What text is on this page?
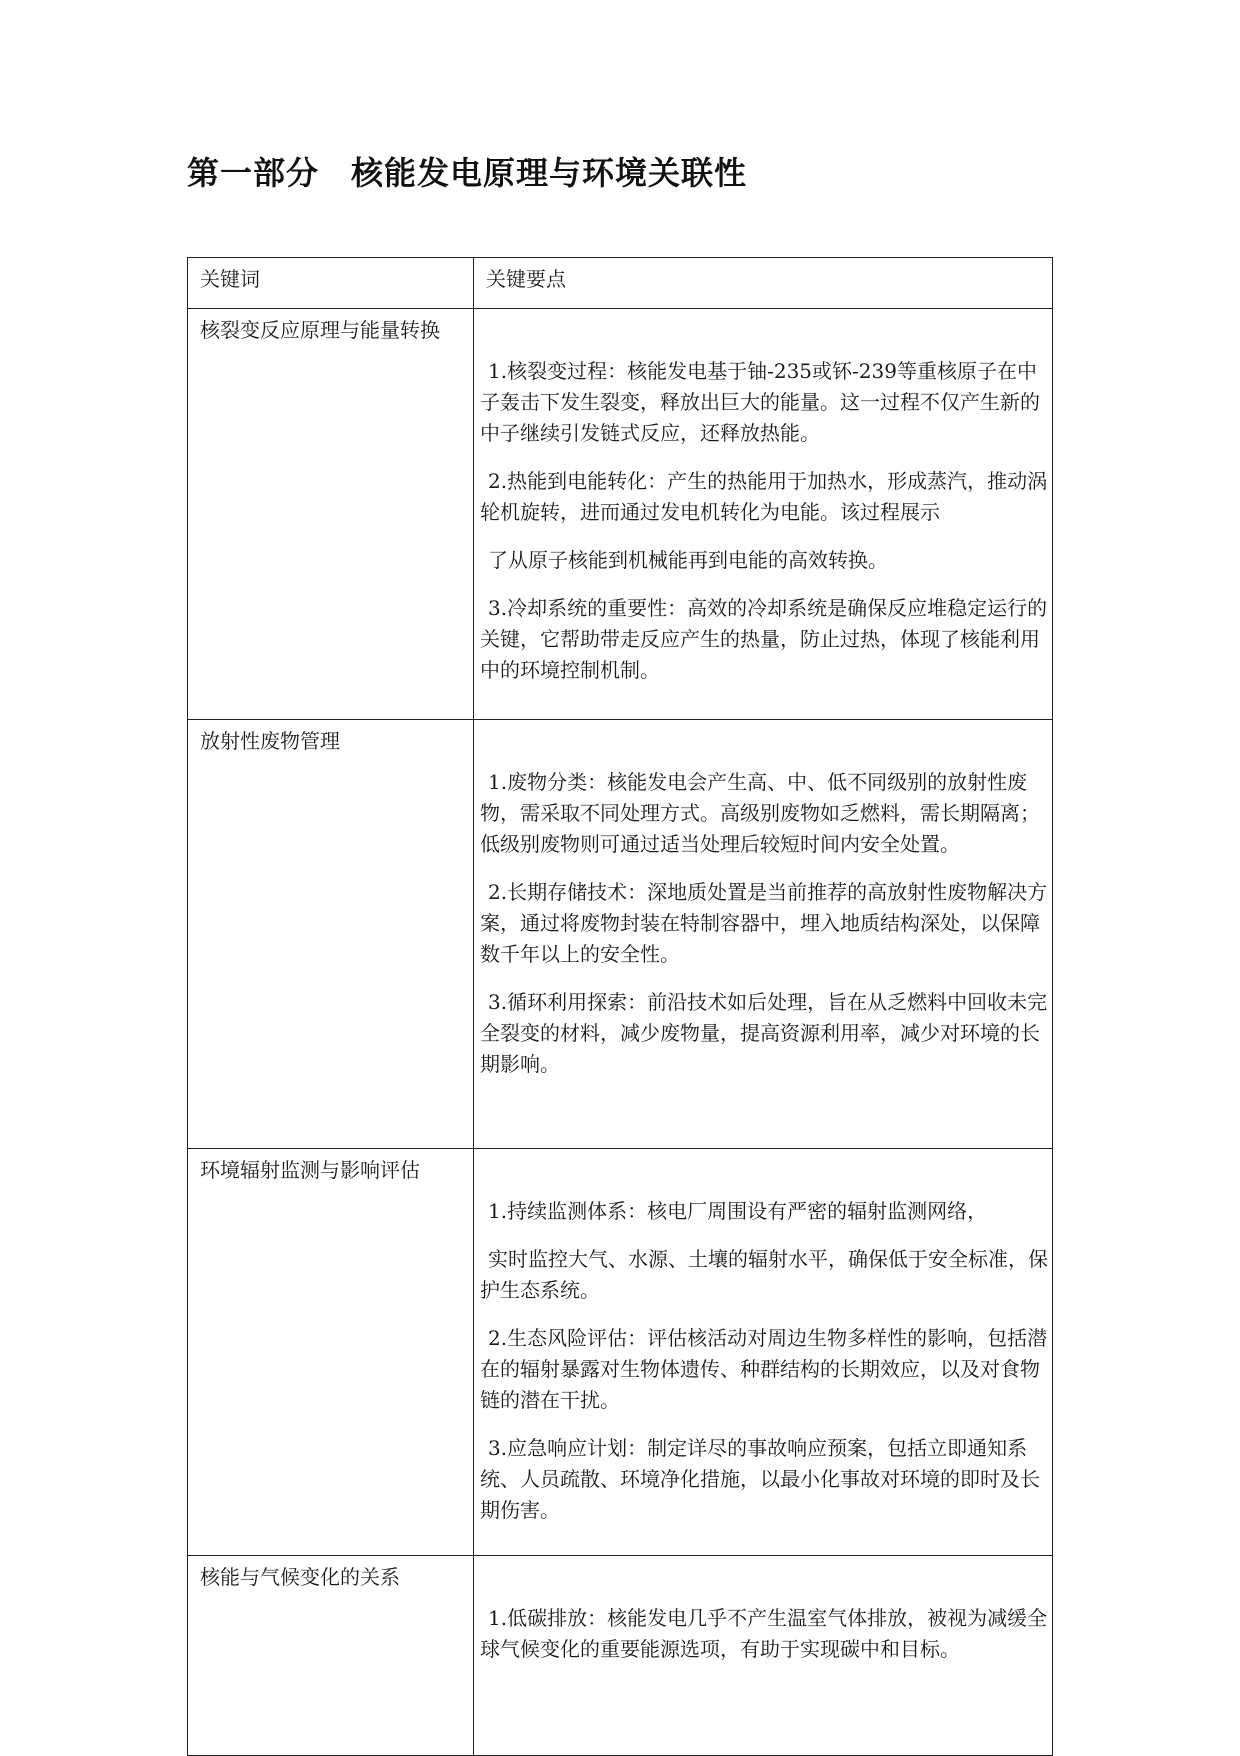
第一部分 核能发电原理与环境关联性
关键词	关键要点
核裂变反应原理与能量转换	1.核裂变过程：核能发电基于铀-235或钚-239等重核原子在中子轰击下发生裂变，释放出巨大的能量。这一过程不仅产生新的中子继续引发链式反应，还释放热能。

2.热能到电能转化：产生的热能用于加热水，形成蒸汽，推动涡轮机旋转，进而通过发电机转化为电能。该过程展示

了从原子核能到机械能再到电能的高效转换。

3.冷却系统的重要性：高效的冷却系统是确保反应堆稳定运行的关键，它帮助带走反应产生的热量，防止过热，体现了核能利用中的环境控制机制。

放射性废物管理	1.废物分类：核能发电会产生高、中、低不同级别的放射性废物，需采取不同处理方式。高级别废物如乏燃料，需长期隔离；低级别废物则可通过适当处理后较短时间内安全处置。

2.长期存储技术：深地质处置是当前推荐的高放射性废物解决方案，通过将废物封装在特制容器中，埋入地质结构深处，以保障数千年以上的安全性。

3.循环利用探索：前沿技术如后处理，旨在从乏燃料中回收未完全裂变的材料，减少废物量，提高资源利用率，减少对环境的长期影响。

环境辐射监测与影响评估	1.持续监测体系：核电厂周围设有严密的辐射监测网络，

实时监控大气、水源、土壤的辐射水平，确保低于安全标准，保护生态系统。

2.生态风险评估：评估核活动对周边生物多样性的影响，包括潜在的辐射暴露对生物体遗传、种群结构的长期效应，以及对食物链的潜在干扰。

3.应急响应计划：制定详尽的事故响应预案，包括立即通知系统、人员疏散、环境净化措施，以最小化事故对环境的即时及长期伤害。

核能与气候变化的关系	1.低碳排放：核能发电几乎不产生温室气体排放，被视为减缓全球气候变化的重要能源选项，有助于实现碳中和目标。
